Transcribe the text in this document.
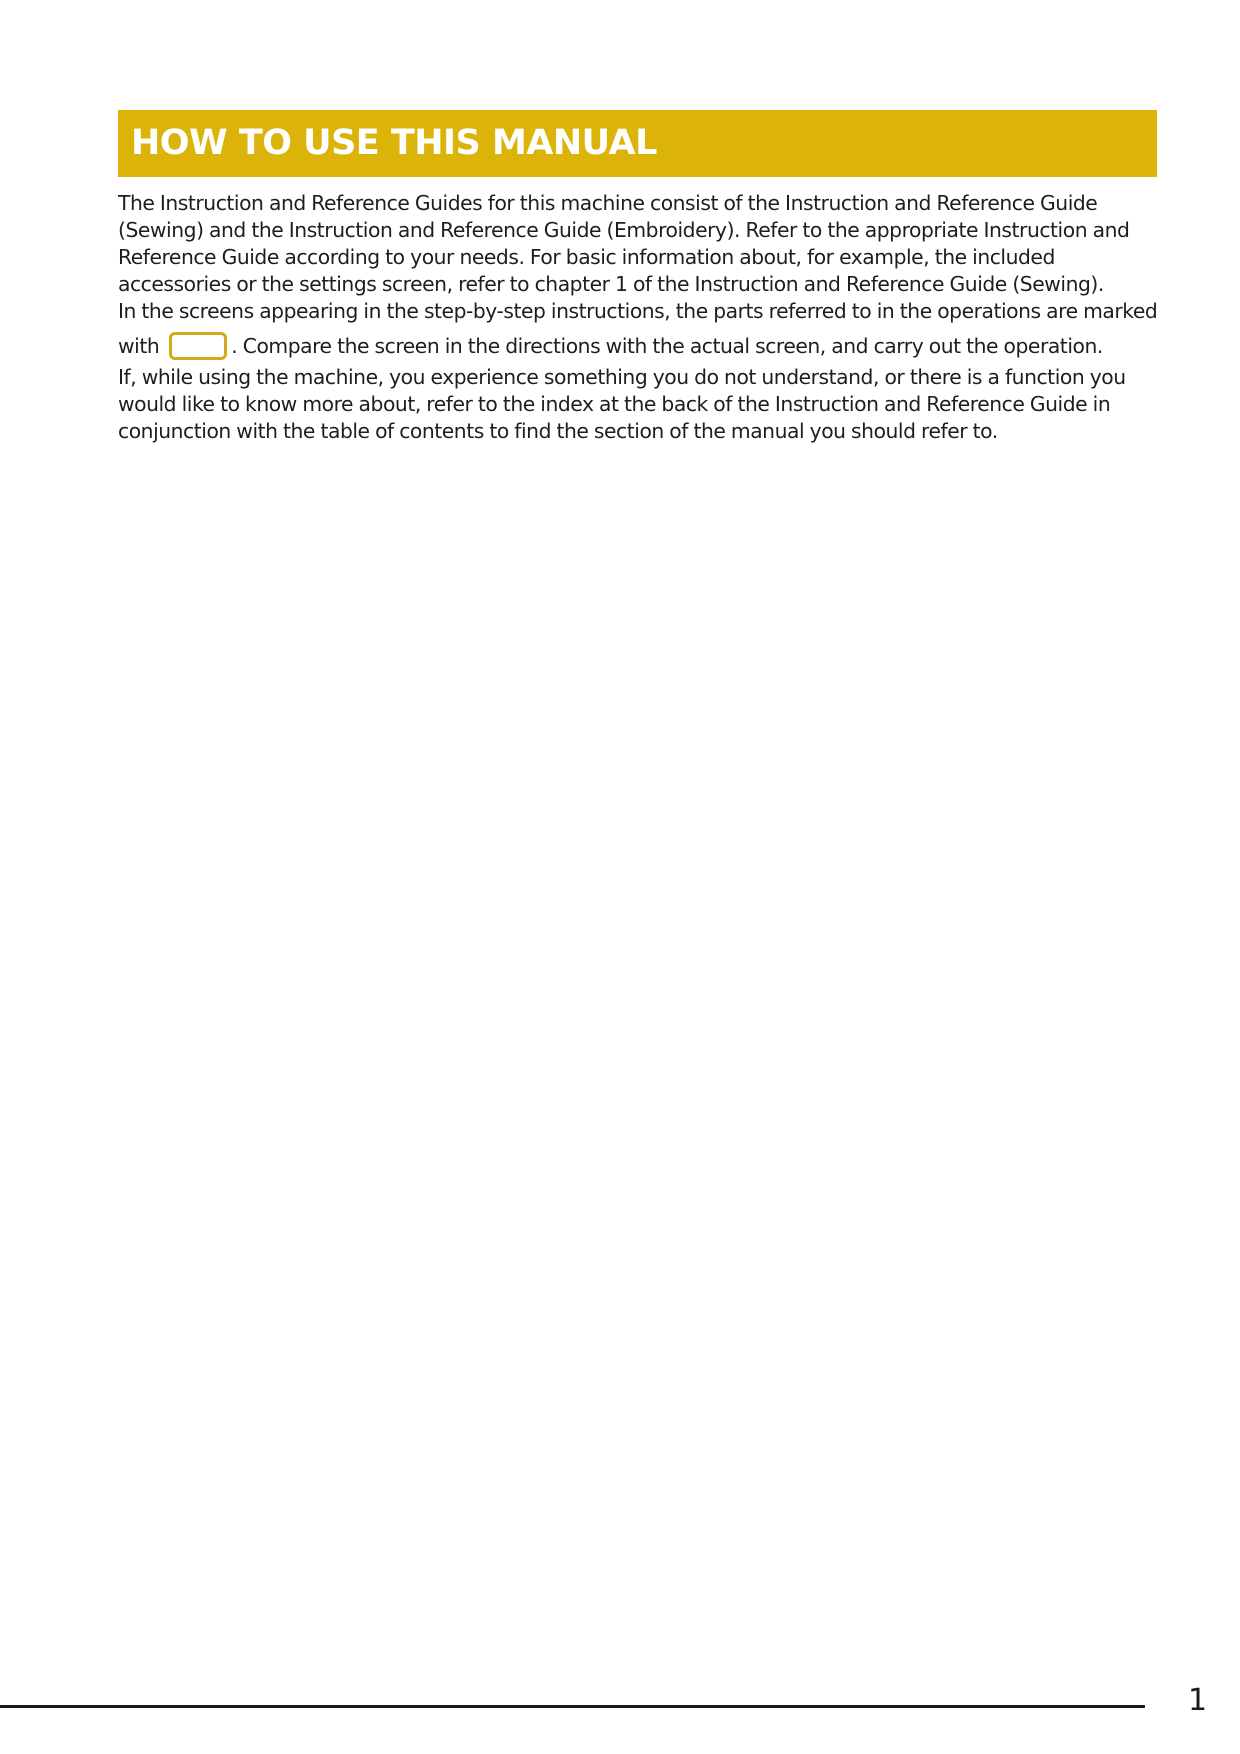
HOW TO USE THIS MANUAL

The Instruction and Reference Guides for this machine consist of the Instruction and Reference Guide
(Sewing) and the Instruction and Reference Guide (Embroidery). Refer to the appropriate Instruction and
Reference Guide according to your needs. For basic information about, for example, the included
accessories or the settings screen, refer to chapter 1 of the Instruction and Reference Guide (Sewing).

In the screens appearing in the step-by-step instructions, the parts referred to in the operations are marked

with	. Compare the screen in the directions with the actual screen, and carry out the operation.

If, while using the machine, you experience something you do not understand, or there is a function you
would like to know more about, refer to the index at the back of the Instruction and Reference Guide in
conjunction with the table of contents to find the section of the manual you should refer to.

1
